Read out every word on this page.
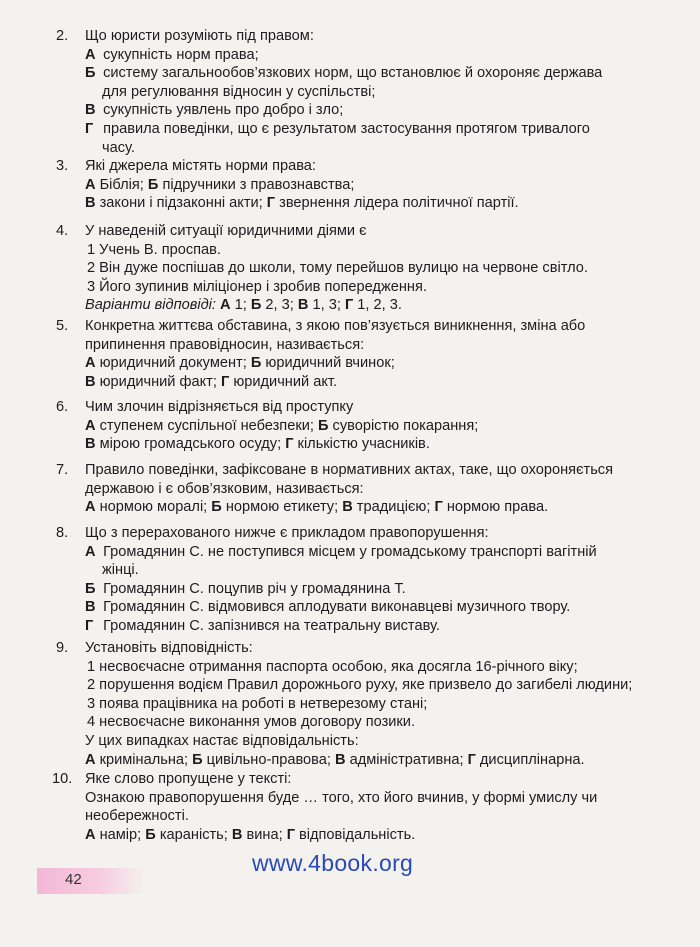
2.	Що юристи розуміють під правом:
А сукупність норм права;
Б систему загальнообов’язкових норм, що встановлює й охороняє держава
для регулювання відносин у суспільстві;
В сукупність уявлень про добро і зло;
Г правила поведінки, що є результатом застосування протягом тривалого
часу.
3.	Які джерела містять норми права:
А Біблія; Б підручники з правознавства;
В закони і підзаконні акти; Г звернення лідера політичної партії.
4.	У наведеній ситуації юридичними діями є
1 Учень В. проспав.
2 Він дуже поспішав до школи, тому перейшов вулицю на червоне світло.
3 Його зупинив міліціонер і зробив попередження.
Варіанти відповіді: А 1; Б 2, 3; В 1, 3; Г 1, 2, 3.
5.	Конкретна життєва обставина, з якою пов’язується виникнення, зміна або
припинення правовідносин, називається:
А юридичний документ; Б юридичний вчинок;
В юридичний факт; Г юридичний акт.
6.	Чим злочин відрізняється від проступку
А ступенем суспільної небезпеки; Б суворістю покарання;
В мірою громадського осуду; Г кількістю учасників.
7.	Правило поведінки, зафіксоване в нормативних актах, таке, що охороняється
державою і є обов’язковим, називається:
А нормою моралі; Б нормою етикету; В традицією; Г нормою права.
8.	Що з перерахованого нижче є прикладом правопорушення:
А Громадянин С. не поступився місцем у громадському транспорті вагітній
жінці.
Б Громадянин С. поцупив річ у громадянина Т.
В Громадянин С. відмовився аплодувати виконавцеві музичного твору.
Г Громадянин С. запізнився на театральну виставу.
9.	Установіть відповідність:
1 несвоєчасне отримання паспорта особою, яка досягла 16-річного віку;
2 порушення водієм Правил дорожнього руху, яке призвело до загибелі людини;
3 поява працівника на роботі в нетверезому стані;
4 несвоєчасне виконання умов договору позики.
У цих випадках настає відповідальність:
А кримінальна; Б цивільно-правова; В адміністративна; Г дисциплінарна.
10. Яке слово пропущене у тексті:
Ознакою правопорушення буде … того, хто його вчинив, у формі умислу чи
необережності.
А намір; Б караність; В вина; Г відповідальність.
42
www.4book.org
